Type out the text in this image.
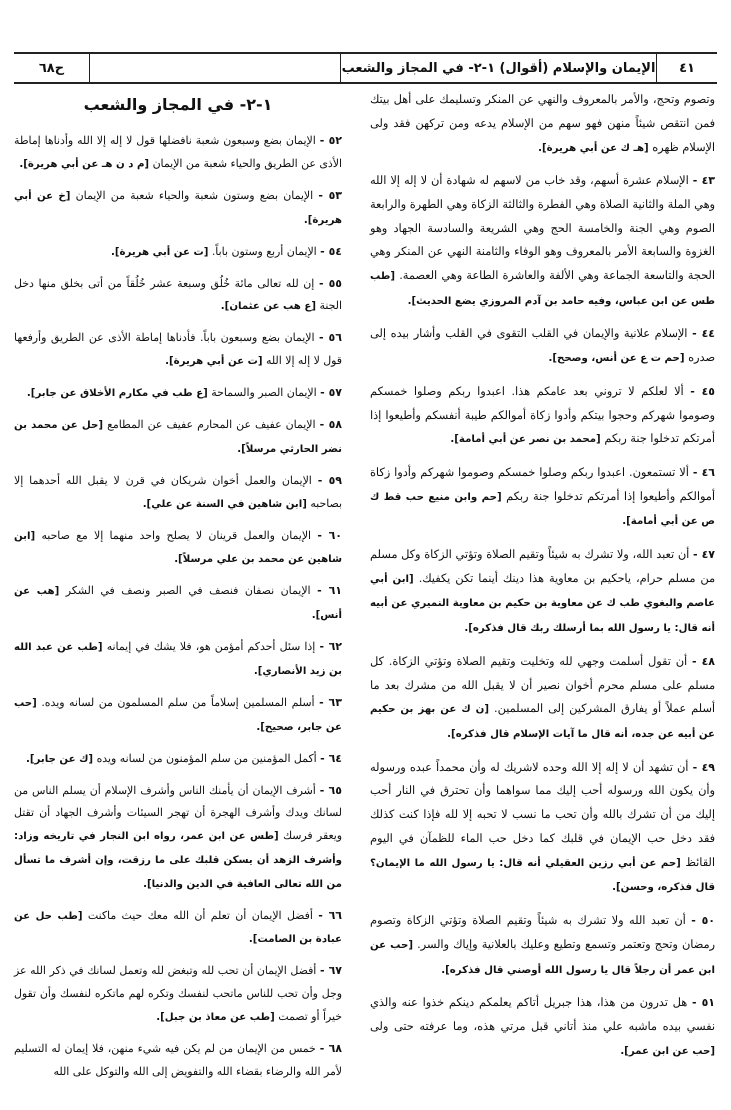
٤١
الإيمان والإسلام (أقوال) ١-٢- في المجاز والشعب
ح٦٨

وتصوم وتحج، والأمر بالمعروف والنهي عن المنكر وتسليمك على أهل بيتك فمن انتقص شيئاً منهن فهو سهم من الإسلام يدعه ومن تركهن فقد ولى الإسلام ظهره [هـ ك عن أبي هريرة].

٤٣ - الإسلام عشرة أسهم، وقد خاب من لاسهم له شهادة أن لا إله إلا الله وهي الملة والثانية الصلاة وهي الفطرة والثالثة الزكاة وهي الطهرة والرابعة الصوم وهي الجنة والخامسة الحج وهي الشريعة والسادسة الجهاد وهو الغزوة والسابعة الأمر بالمعروف وهو الوفاء والثامنة النهي عن المنكر وهي الحجة والتاسعة الجماعة وهي الألفة والعاشرة الطاعة وهي العصمة. [طب طس عن ابن عباس، وفيه حامد بن آدم المروزي يضع الحديث].

٤٤ - الإسلام علانية والإيمان في القلب التقوى في القلب وأشار بيده إلى صدره [حم ت ع عن أنس، وصحح].

٤٥ - ألا لعلكم لا تروني بعد عامكم هذا. اعبدوا ربكم وصلوا خمسكم وصوموا شهركم وحجوا بيتكم وأدوا زكاة أموالكم طيبة أنفسكم وأطيعوا إذا أمرتكم تدخلوا جنة ربكم [محمد بن نصر عن أبي أمامة].

٤٦ - ألا تستمعون. اعبدوا ربكم وصلوا خمسكم وصوموا شهركم وأدوا زكاة أموالكم وأطيعوا إذا أمرتكم تدخلوا جنة ربكم [حم وابن منيع حب قط ك ص عن أبي أمامة].

٤٧ - أن تعبد الله، ولا تشرك به شيئاً وتقيم الصلاة وتؤتي الزكاة وكل مسلم من مسلم حرام، ياحكيم بن معاوية هذا دينك أينما تكن يكفيك. [ابن أبي عاصم والبغوي طب ك عن معاوية بن حكيم بن معاوية النميري عن أبيه أنه قال: يا رسول الله بما أرسلك ربك قال فذكره].

٤٨ - أن تقول أسلمت وجهي لله وتخليت وتقيم الصلاة وتؤتي الزكاة. كل مسلم على مسلم محرم أخوان نصير أن لا يقبل الله من مشرك بعد ما أسلم عملاً أو يفارق المشركين إلى المسلمين. [ن ك عن بهز بن حكيم عن أبيه عن جده، أنه قال ما آيات الإسلام قال فذكره].

٤٩ - أن تشهد أن لا إله إلا الله وحده لاشريك له وأن محمداً عبده ورسوله وأن يكون الله ورسوله أحب إليك مما سواهما وأن تحترق في النار أحب إليك من أن تشرك بالله وأن تحب ما نسب لا تحبه إلا لله فإذا كنت كذلك فقد دخل حب الإيمان في قلبك كما دخل حب الماء للظمآن في اليوم القائظ [حم عن أبي رزين العقيلي أنه قال: يا رسول الله ما الإيمان؟ قال فذكره، وحسن].

٥٠ - أن تعبد الله ولا تشرك به شيئاً وتقيم الصلاة وتؤتي الزكاة وتصوم رمضان وتحج وتعتمر وتسمع وتطيع وعليك بالعلانية وإياك والسر. [حب عن ابن عمر أن رجلاً قال يا رسول الله أوصني قال فذكره].

٥١ - هل تدرون من هذا، هذا جبريل أتاكم يعلمكم دينكم خذوا عنه والذي نفسي بيده ماشبه علي منذ أتاني قبل مرتي هذه، وما عرفته حتى ولى [حب عن ابن عمر].

١-٢- في المجاز والشعب

٥٢ - الإيمان بضع وسبعون شعبة نافضلها قول لا إله إلا الله وأدناها إماطة الأذى عن الطريق والحياء شعبة من الإيمان [م د ن هـ عن أبي هريرة].

٥٣ - الإيمان بضع وستون شعبة والحياء شعبة من الإيمان [خ عن أبي هريرة].

٥٤ - الإيمان أربع وستون باباً. [ت عن أبي هريرة].

٥٥ - إن لله تعالى مائة خُلُق وسبعة عشر خُلُقاً من أتى بخلق منها دخل الجنة [ع هب عن عثمان].

٥٦ - الإيمان بضع وسبعون باباً. فأدناها إماطة الأذى عن الطريق وأرفعها قول لا إله إلا الله [ت عن أبي هريرة].

٥٧ - الإيمان الصبر والسماحة [ع طب في مكارم الأخلاق عن جابر].

٥٨ - الإيمان عفيف عن المحارم عفيف عن المطامع [حل عن محمد بن نضر الحارثي مرسلاً].

٥٩ - الإيمان والعمل أخوان شريكان في قرن لا يقبل الله أحدهما إلا بصاحبه [ابن شاهين في السنة عن علي].

٦٠ - الإيمان والعمل قرينان لا يصلح واحد منهما إلا مع صاحبه [ابن شاهين عن محمد بن علي مرسلاً].

٦١ - الإيمان نصفان فنصف في الصبر ونصف في الشكر [هب عن أنس].

٦٢ - إذا سئل أحدكم أمؤمن هو، فلا يشك في إيمانه [طب عن عبد الله بن زيد الأنصاري].

٦٣ - أسلم المسلمين إسلاماً من سلم المسلمون من لسانه ويده. [حب عن جابر، صحيح].

٦٤ - أكمل المؤمنين من سلم المؤمنون من لسانه ويده [ك عن جابر].

٦٥ - أشرف الإيمان أن يأمنك الناس وأشرف الإسلام أن يسلم الناس من لسانك ويدك وأشرف الهجرة أن تهجر السيئات وأشرف الجهاد أن تقتل ويعقر فرسك [طس عن ابن عمر، رواه ابن النجار في تاريخه وزاد: وأشرف الزهد أن يسكن قلبك على ما رزقت، وإن أشرف ما تسأل من الله تعالى العافية في الدين والدنيا].

٦٦ - أفضل الإيمان أن تعلم أن الله معك حيث ماكنت [طب حل عن عبادة بن الصامت].

٦٧ - أفضل الإيمان أن تحب لله وتبغض لله وتعمل لسانك في ذكر الله عز وجل وأن تحب للناس ماتحب لنفسك وتكره لهم ماتكره لنفسك وأن تقول خيراً أو تصمت [طب عن معاذ بن جبل].

٦٨ - خمس من الإيمان من لم يكن فيه شيء منهن، فلا إيمان له التسليم لأمر الله والرضاء بقضاء الله والتفويض إلى الله والتوكل على الله
